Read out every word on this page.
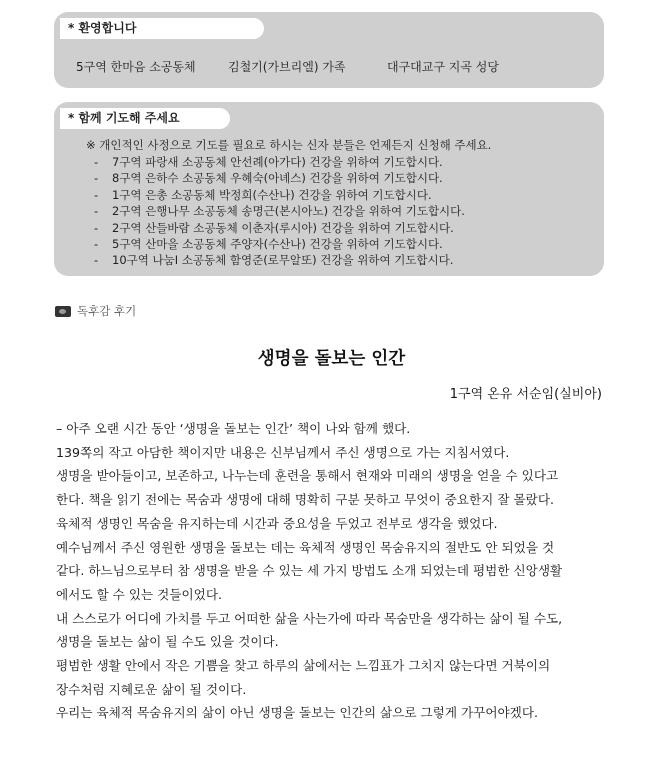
* 환영합니다
5구역 한마음 소공동체	김철기(가브리엘) 가족	대구대교구 지곡 성당
* 함께 기도해 주세요
※ 개인적인 사정으로 기도를 필요로 하시는 신자 분들은 언제든지 신청해 주세요.
- 7구역 파랑새 소공동체 안선례(아가다) 건강을 위하여 기도합시다.
- 8구역 은하수 소공동체 우혜숙(아녜스) 건강을 위하여 기도합시다.
- 1구역 은총 소공동체 박정희(수산나) 건강을 위하여 기도합시다.
- 2구역 은행나무 소공동체 송명근(본시아노) 건강을 위하여 기도합시다.
- 2구역 산들바람 소공동체 이춘자(루시아) 건강을 위하여 기도합시다.
- 5구역 산마을 소공동체 주양자(수산나) 건강을 위하여 기도합시다.
- 10구역 나눔Ⅰ 소공동체 함영준(로무알또) 건강을 위하여 기도합시다.
독후감 후기
생명을 돌보는 인간
1구역 온유 서순임(실비아)

– 아주 오랜 시간 동안 ‘생명을 돌보는 인간’ 책이 나와 함께 했다.

139쪽의 작고 아담한 책이지만 내용은 신부님께서 주신 생명으로 가는 지침서였다.

생명을 받아들이고, 보존하고, 나누는데 훈련을 통해서 현재와 미래의 생명을 얻을 수 있다고

한다. 책을 읽기 전에는 목숨과 생명에 대해 명확히 구분 못하고 무엇이 중요한지 잘 몰랐다.

육체적 생명인 목숨을 유지하는데 시간과 중요성을 두었고 전부로 생각을 했었다.

예수님께서 주신 영원한 생명을 돌보는 데는 육체적 생명인 목숨유지의 절반도 안 되었을 것

같다. 하느님으로부터 참 생명을 받을 수 있는 세 가지 방법도 소개 되었는데 평범한 신앙생활

에서도 할 수 있는 것들이었다.

내 스스로가 어디에 가치를 두고 어떠한 삶을 사는가에 따라 목숨만을 생각하는 삶이 될 수도,

생명을 돌보는 삶이 될 수도 있을 것이다.

평범한 생활 안에서 작은 기쁨을 찾고 하루의 삶에서는 느낌표가 그치지 않는다면 거북이의

장수처럼 지혜로운 삶이 될 것이다.

우리는 육체적 목숨유지의 삶이 아닌 생명을 돌보는 인간의 삶으로 그렇게 가꾸어야겠다.
